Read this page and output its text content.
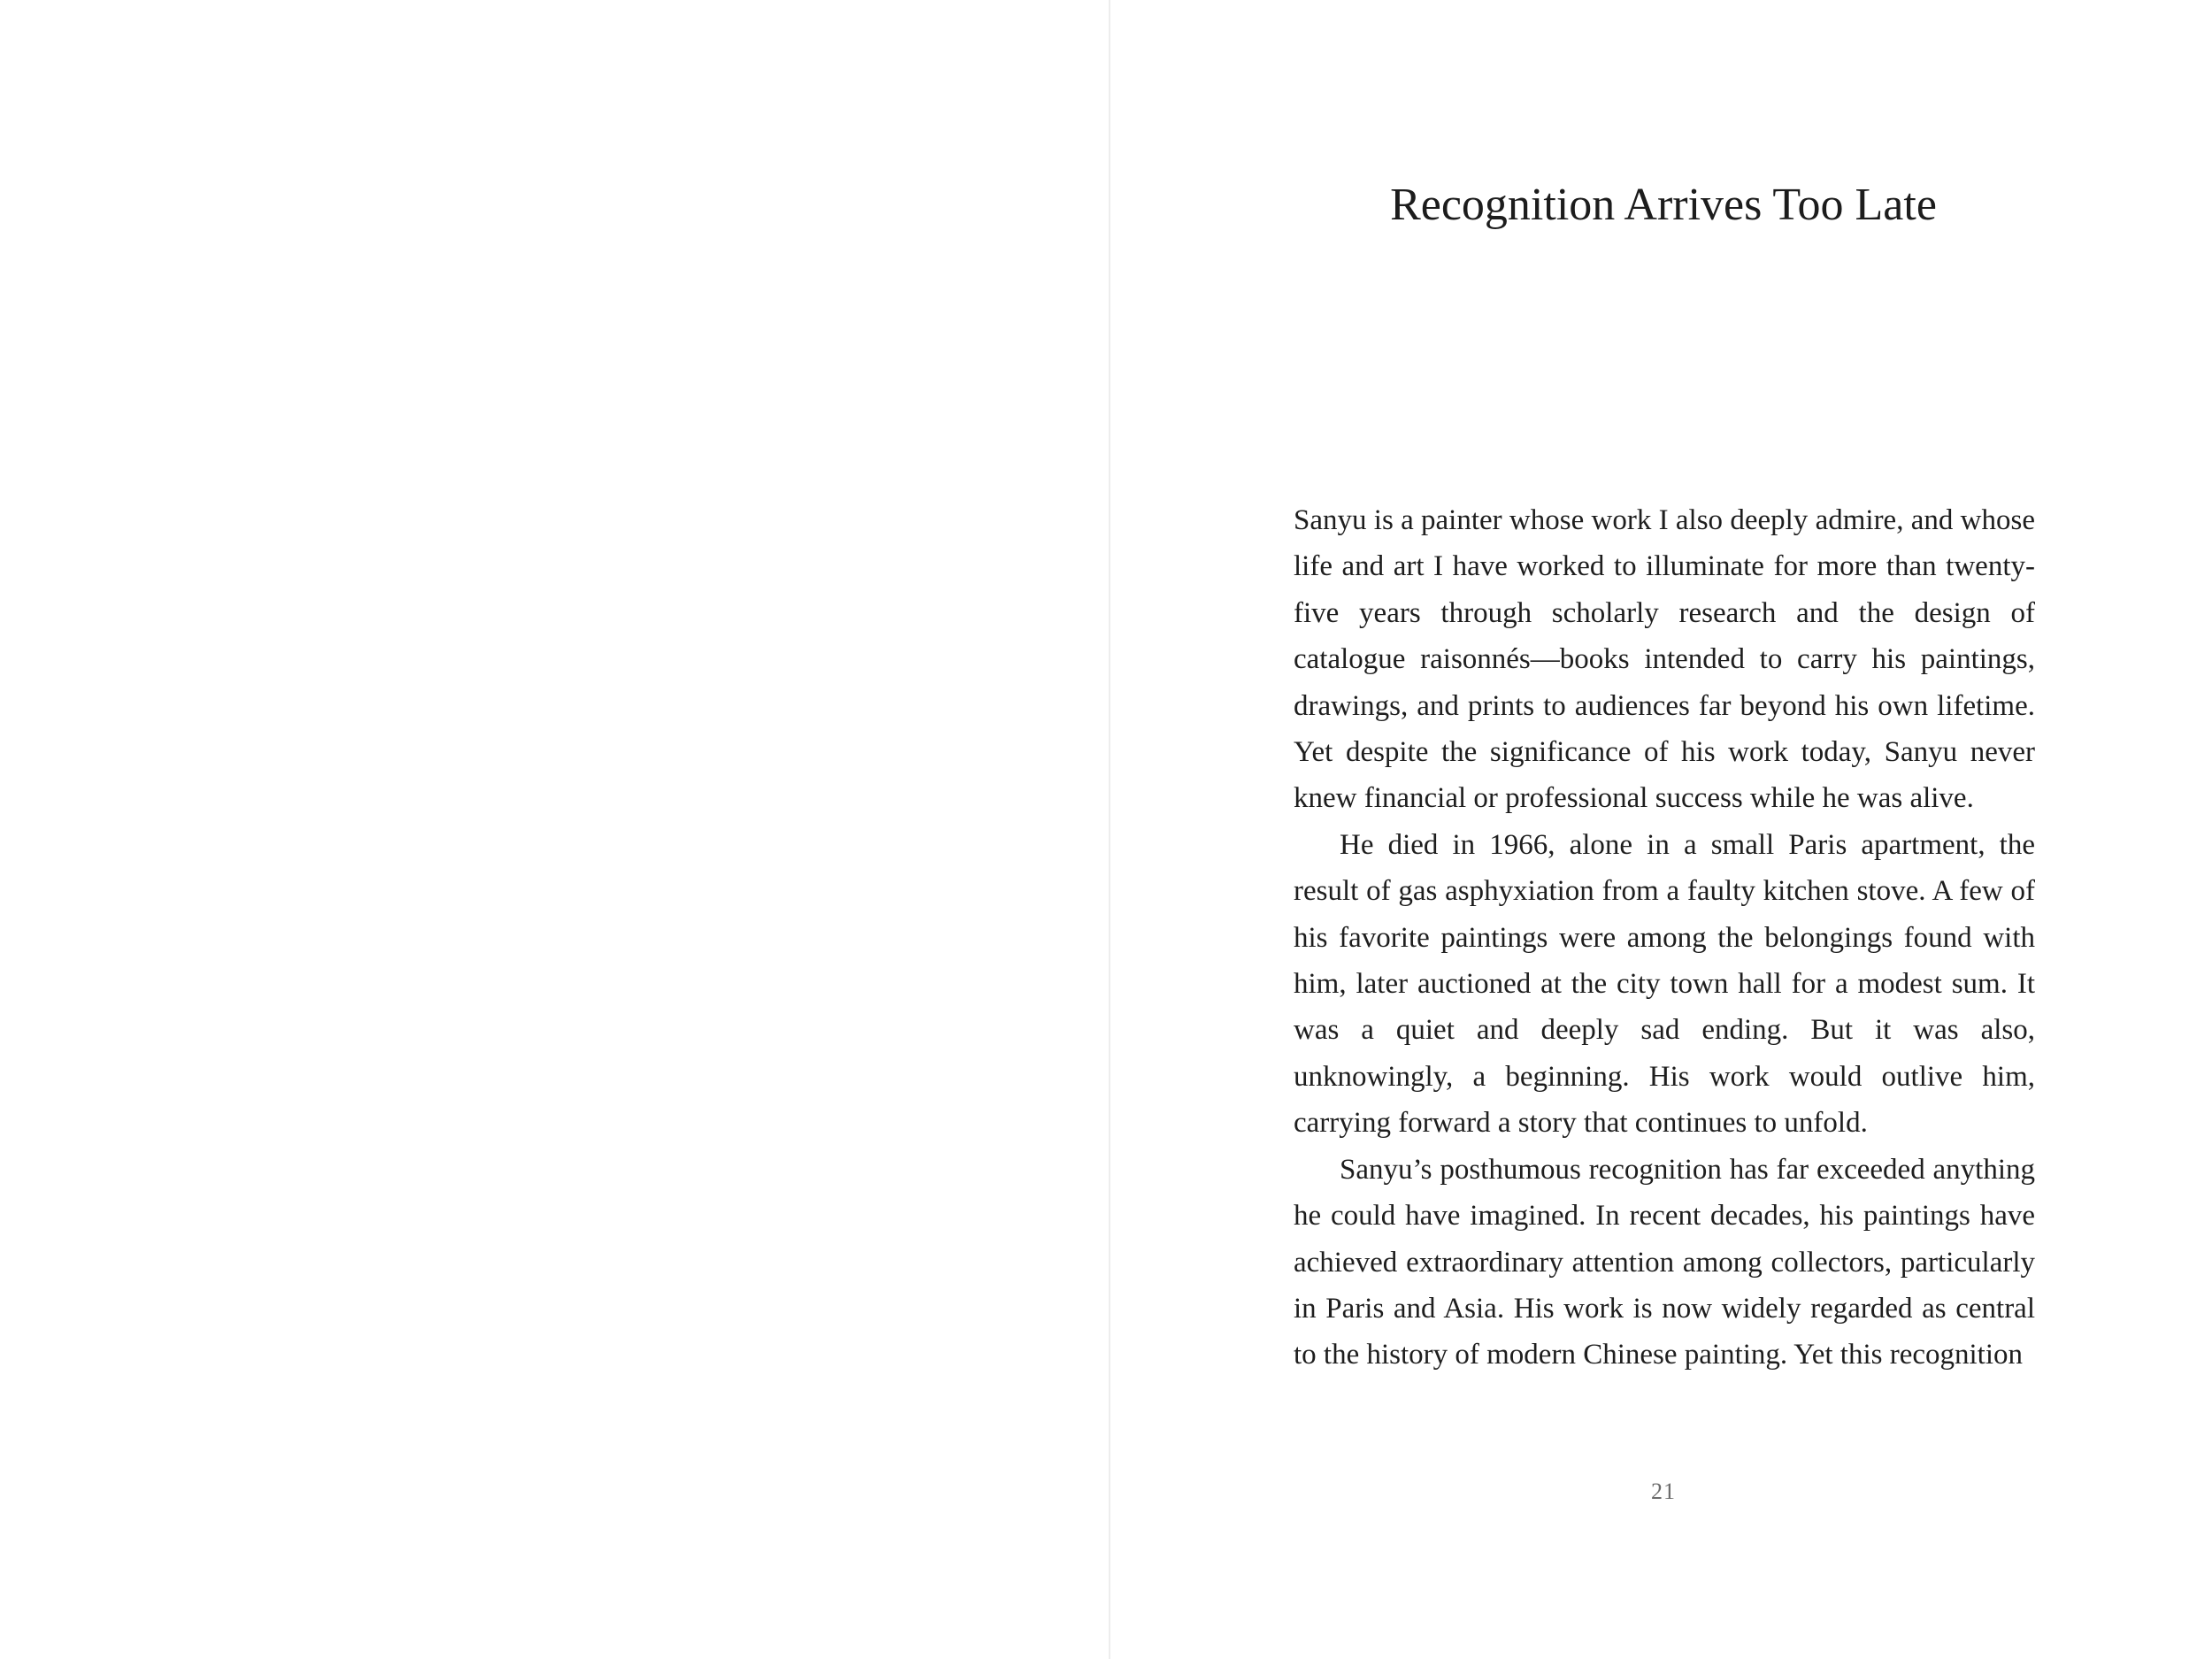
Recognition Arrives Too Late

Sanyu is a painter whose work I also deeply admire, and whose life and art I have worked to illuminate for more than twenty-five years through scholarly research and the design of catalogue raisonnés—books intended to carry his paintings, drawings, and prints to audiences far beyond his own lifetime. Yet despite the significance of his work today, Sanyu never knew financial or professional success while he was alive.

He died in 1966, alone in a small Paris apartment, the result of gas asphyxiation from a faulty kitchen stove. A few of his favorite paintings were among the belongings found with him, later auctioned at the city town hall for a modest sum. It was a quiet and deeply sad ending. But it was also, unknowingly, a beginning. His work would outlive him, carrying forward a story that continues to unfold.

Sanyu’s posthumous recognition has far exceeded anything he could have imagined. In recent decades, his paintings have achieved extraordinary attention among collectors, particularly in Paris and Asia. His work is now widely regarded as central to the history of modern Chinese painting. Yet this recognition

21
